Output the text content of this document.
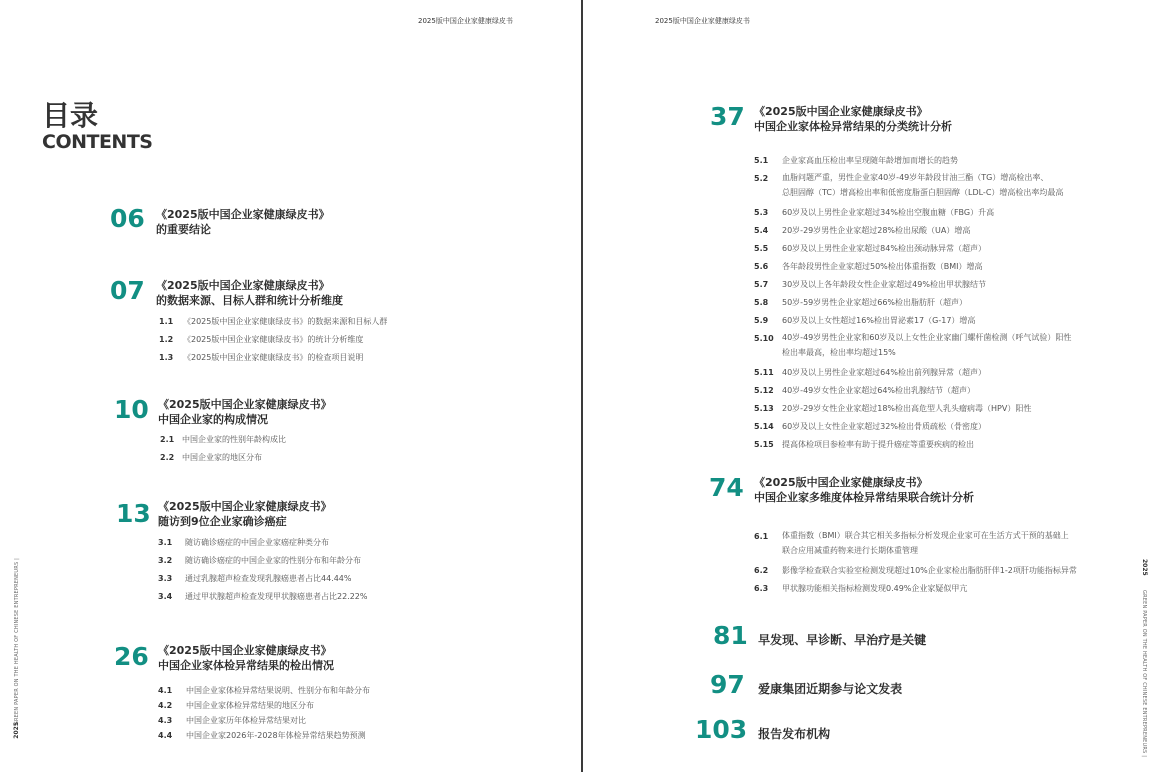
2025版中国企业家健康绿皮书
目录
CONTENTS
06 《2025版中国企业家健康绿皮书》
的重要结论
07 《2025版中国企业家健康绿皮书》
的数据来源、目标人群和统计分析维度
1.1 《2025版中国企业家健康绿皮书》的数据来源和目标人群
1.2 《2025版中国企业家健康绿皮书》的统计分析维度
1.3 《2025版中国企业家健康绿皮书》的检查项目说明
10 《2025版中国企业家健康绿皮书》
中国企业家的构成情况
2.1 中国企业家的性别年龄构成比
2.2 中国企业家的地区分布
13 《2025版中国企业家健康绿皮书》
随访到9位企业家确诊癌症
3.1 随访确诊癌症的中国企业家癌症种类分布
3.2 随访确诊癌症的中国企业家的性别分布和年龄分布
3.3 通过乳腺超声检查发现乳腺癌患者占比44.44%
3.4 通过甲状腺超声检查发现甲状腺癌患者占比22.22%
26 《2025版中国企业家健康绿皮书》
中国企业家体检异常结果的检出情况
4.1 中国企业家体检异常结果说明、性别分布和年龄分布
4.2 中国企业家体检异常结果的地区分布
4.3 中国企业家历年体检异常结果对比
4.4 中国企业家2026年-2028年体检异常结果趋势预测
GREEN PAPER ON THE HEALTH OF CHINESE ENTREPRENEURS |
2025
2025版中国企业家健康绿皮书
37 《2025版中国企业家健康绿皮书》
中国企业家体检异常结果的分类统计分析
5.1 企业家高血压检出率呈现随年龄增加而增长的趋势
5.2 血脂问题严重，男性企业家40岁-49岁年龄段甘油三酯（TG）增高检出率、
总胆固醇（TC）增高检出率和低密度脂蛋白胆固醇（LDL-C）增高检出率均最高
5.3 60岁及以上男性企业家超过34%检出空腹血糖（FBG）升高
5.4 20岁-29岁男性企业家超过28%检出尿酸（UA）增高
5.5 60岁及以上男性企业家超过84%检出颈动脉异常（超声）
5.6 各年龄段男性企业家超过50%检出体重指数（BMI）增高
5.7 30岁及以上各年龄段女性企业家超过49%检出甲状腺结节
5.8 50岁-59岁男性企业家超过66%检出脂肪肝（超声）
5.9 60岁及以上女性超过16%检出胃泌素17（G-17）增高
5.10 40岁-49岁男性企业家和60岁及以上女性企业家幽门螺杆菌检测（呼气试验）阳性
检出率最高，检出率均超过15%
5.11 40岁及以上男性企业家超过64%检出前列腺异常（超声）
5.12 40岁-49岁女性企业家超过64%检出乳腺结节（超声）
5.13 20岁-29岁女性企业家超过18%检出高危型人乳头瘤病毒（HPV）阳性
5.14 60岁及以上女性企业家超过32%检出骨质疏松（骨密度）
5.15 提高体检项目参检率有助于提升癌症等重要疾病的检出
74 《2025版中国企业家健康绿皮书》
中国企业家多维度体检异常结果联合统计分析
6.1 体重指数（BMI）联合其它相关多指标分析发现企业家可在生活方式干预的基础上
联合应用减重药物来进行长期体重管理
6.2 影像学检查联合实验室检测发现超过10%企业家检出脂肪肝伴1-2项肝功能指标异常
6.3 甲状腺功能相关指标检测发现0.49%企业家疑似甲亢
81 早发现、早诊断、早治疗是关键
97 爱康集团近期参与论文发表
103 报告发布机构	GREEN PAPER ON THE HEALTH OF CHINESE ENTREPRENEURS |
2025
